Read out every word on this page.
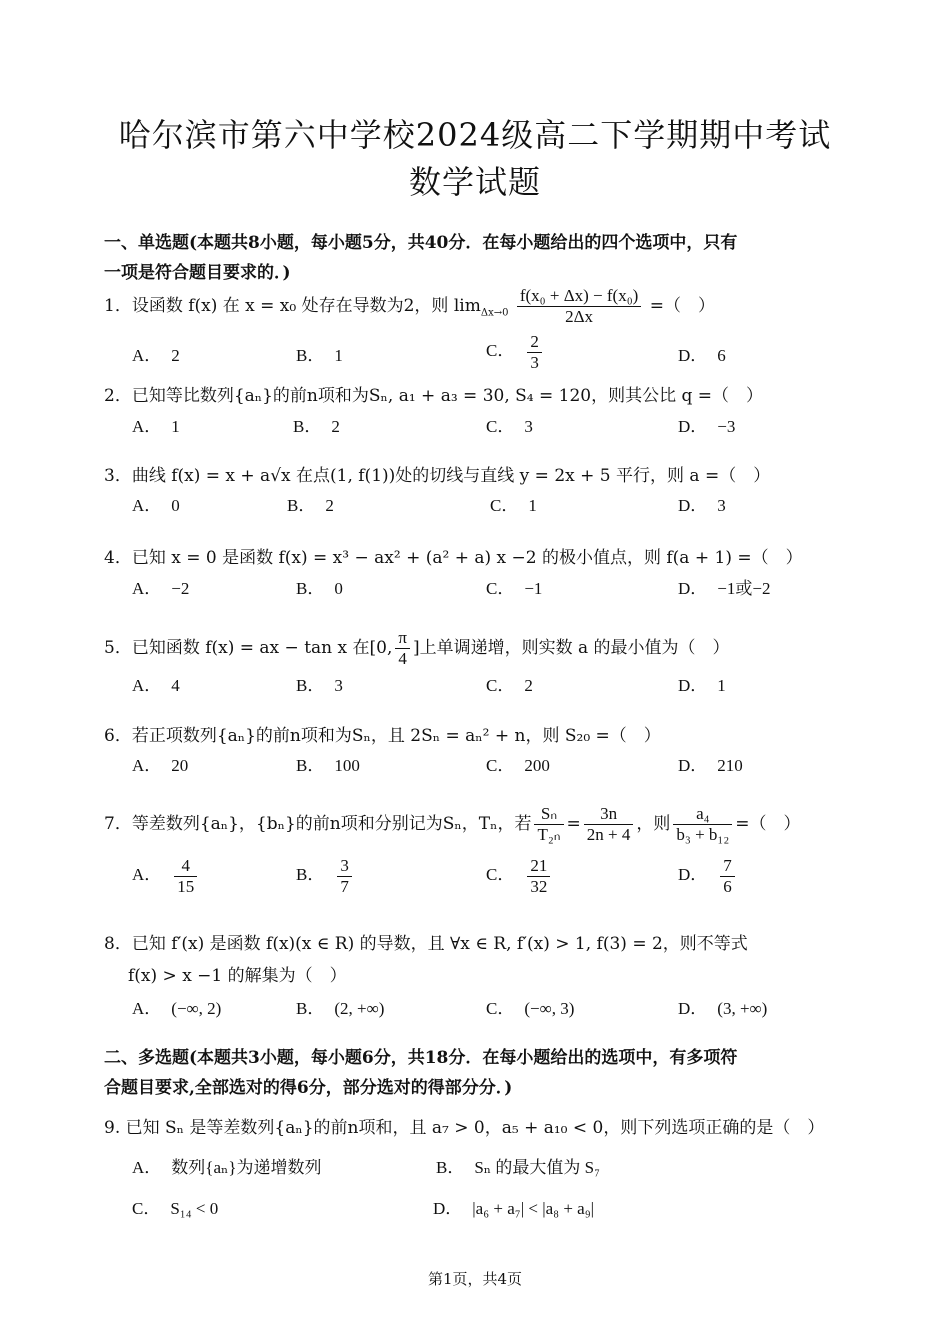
哈尔滨市第六中学校2024级高二下学期期中考试
数学试题
一、单选题(本题共8小题，每小题5分，共40分．在每小题给出的四个选项中，只有
一项是符合题目要求的．)
1．设函数 f(x) 在 x = x₀ 处存在导数为2，则 $\lim_{\Delta x\to 0} \frac{\text{f(x₀ + Δx) − f(x₀)}}{2\Delta x}$ =（　）
A． 2	B． 1	C． $\frac{2}{3}$	D． 6
2．已知等比数列{aₙ}的前n项和为Sₙ, a₁ + a₃ = 30, S₄ = 120，则其公比 q =（　）
A． 1	B． 2	C． 3	D． −3
3．曲线 f(x) = x + a√x 在点(1, f(1))处的切线与直线 y = 2x + 5 平行，则 a =（　）
A． 0	B． 2	C． 1	D． 3
4．已知 x = 0 是函数 f(x) = x³ − ax² + (a² + a) x −2 的极小值点，则 f(a + 1) =（　）
A． −2	B． 0	C． −1	D． −1或−2
5．已知函数 f(x) = ax − tan x 在[0, $\frac{\pi}{4}$ ]上单调递增，则实数 a 的最小值为（　）
A． 4	B． 3	C． 2	D． 1
6．若正项数列{aₙ}的前n项和为Sₙ，且 2Sₙ = aₙ² + n，则 S₂₀ =（　）
A． 20	B． 100	C． 200	D． 210
7．等差数列{aₙ}，{bₙ}的前n项和分别记为Sₙ，Tₙ，若 $\frac{\text{Sₙ}}{\text{T₂ₙ}} = \frac{3n}{2n + 4}$ ，则 $\frac{\text{a₄}}{\text{b₃ + b₁₂}}$ =（　）
A． $\frac{4}{15}$	B． $\frac{3}{7}$	C． $\frac{21}{32}$	D． $\frac{7}{6}$
8．已知 f′(x) 是函数 f(x)(x ∈ R) 的导数，且 ∀x ∈ R, f′(x) > 1, f(3) = 2，则不等式
f(x) > x −1 的解集为（　）
A． (−∞, 2)	B． (2, +∞)	C． (−∞, 3)	D． (3, +∞)
二、多选题(本题共3小题，每小题6分，共18分．在每小题给出的选项中，有多项符
合题目要求,全部选对的得6分，部分选对的得部分分．)
9. 已知 Sₙ 是等差数列{aₙ}的前n项和，且 a₇ > 0，a₅ + a₁₀ < 0，则下列选项正确的是（　）
A． 数列{aₙ}为递增数列	B． Sₙ 的最大值为 S₇
C． S₁₄ < 0	D． |a₆ + a₇| < |a₈ + a₉|
第1页，共4页
